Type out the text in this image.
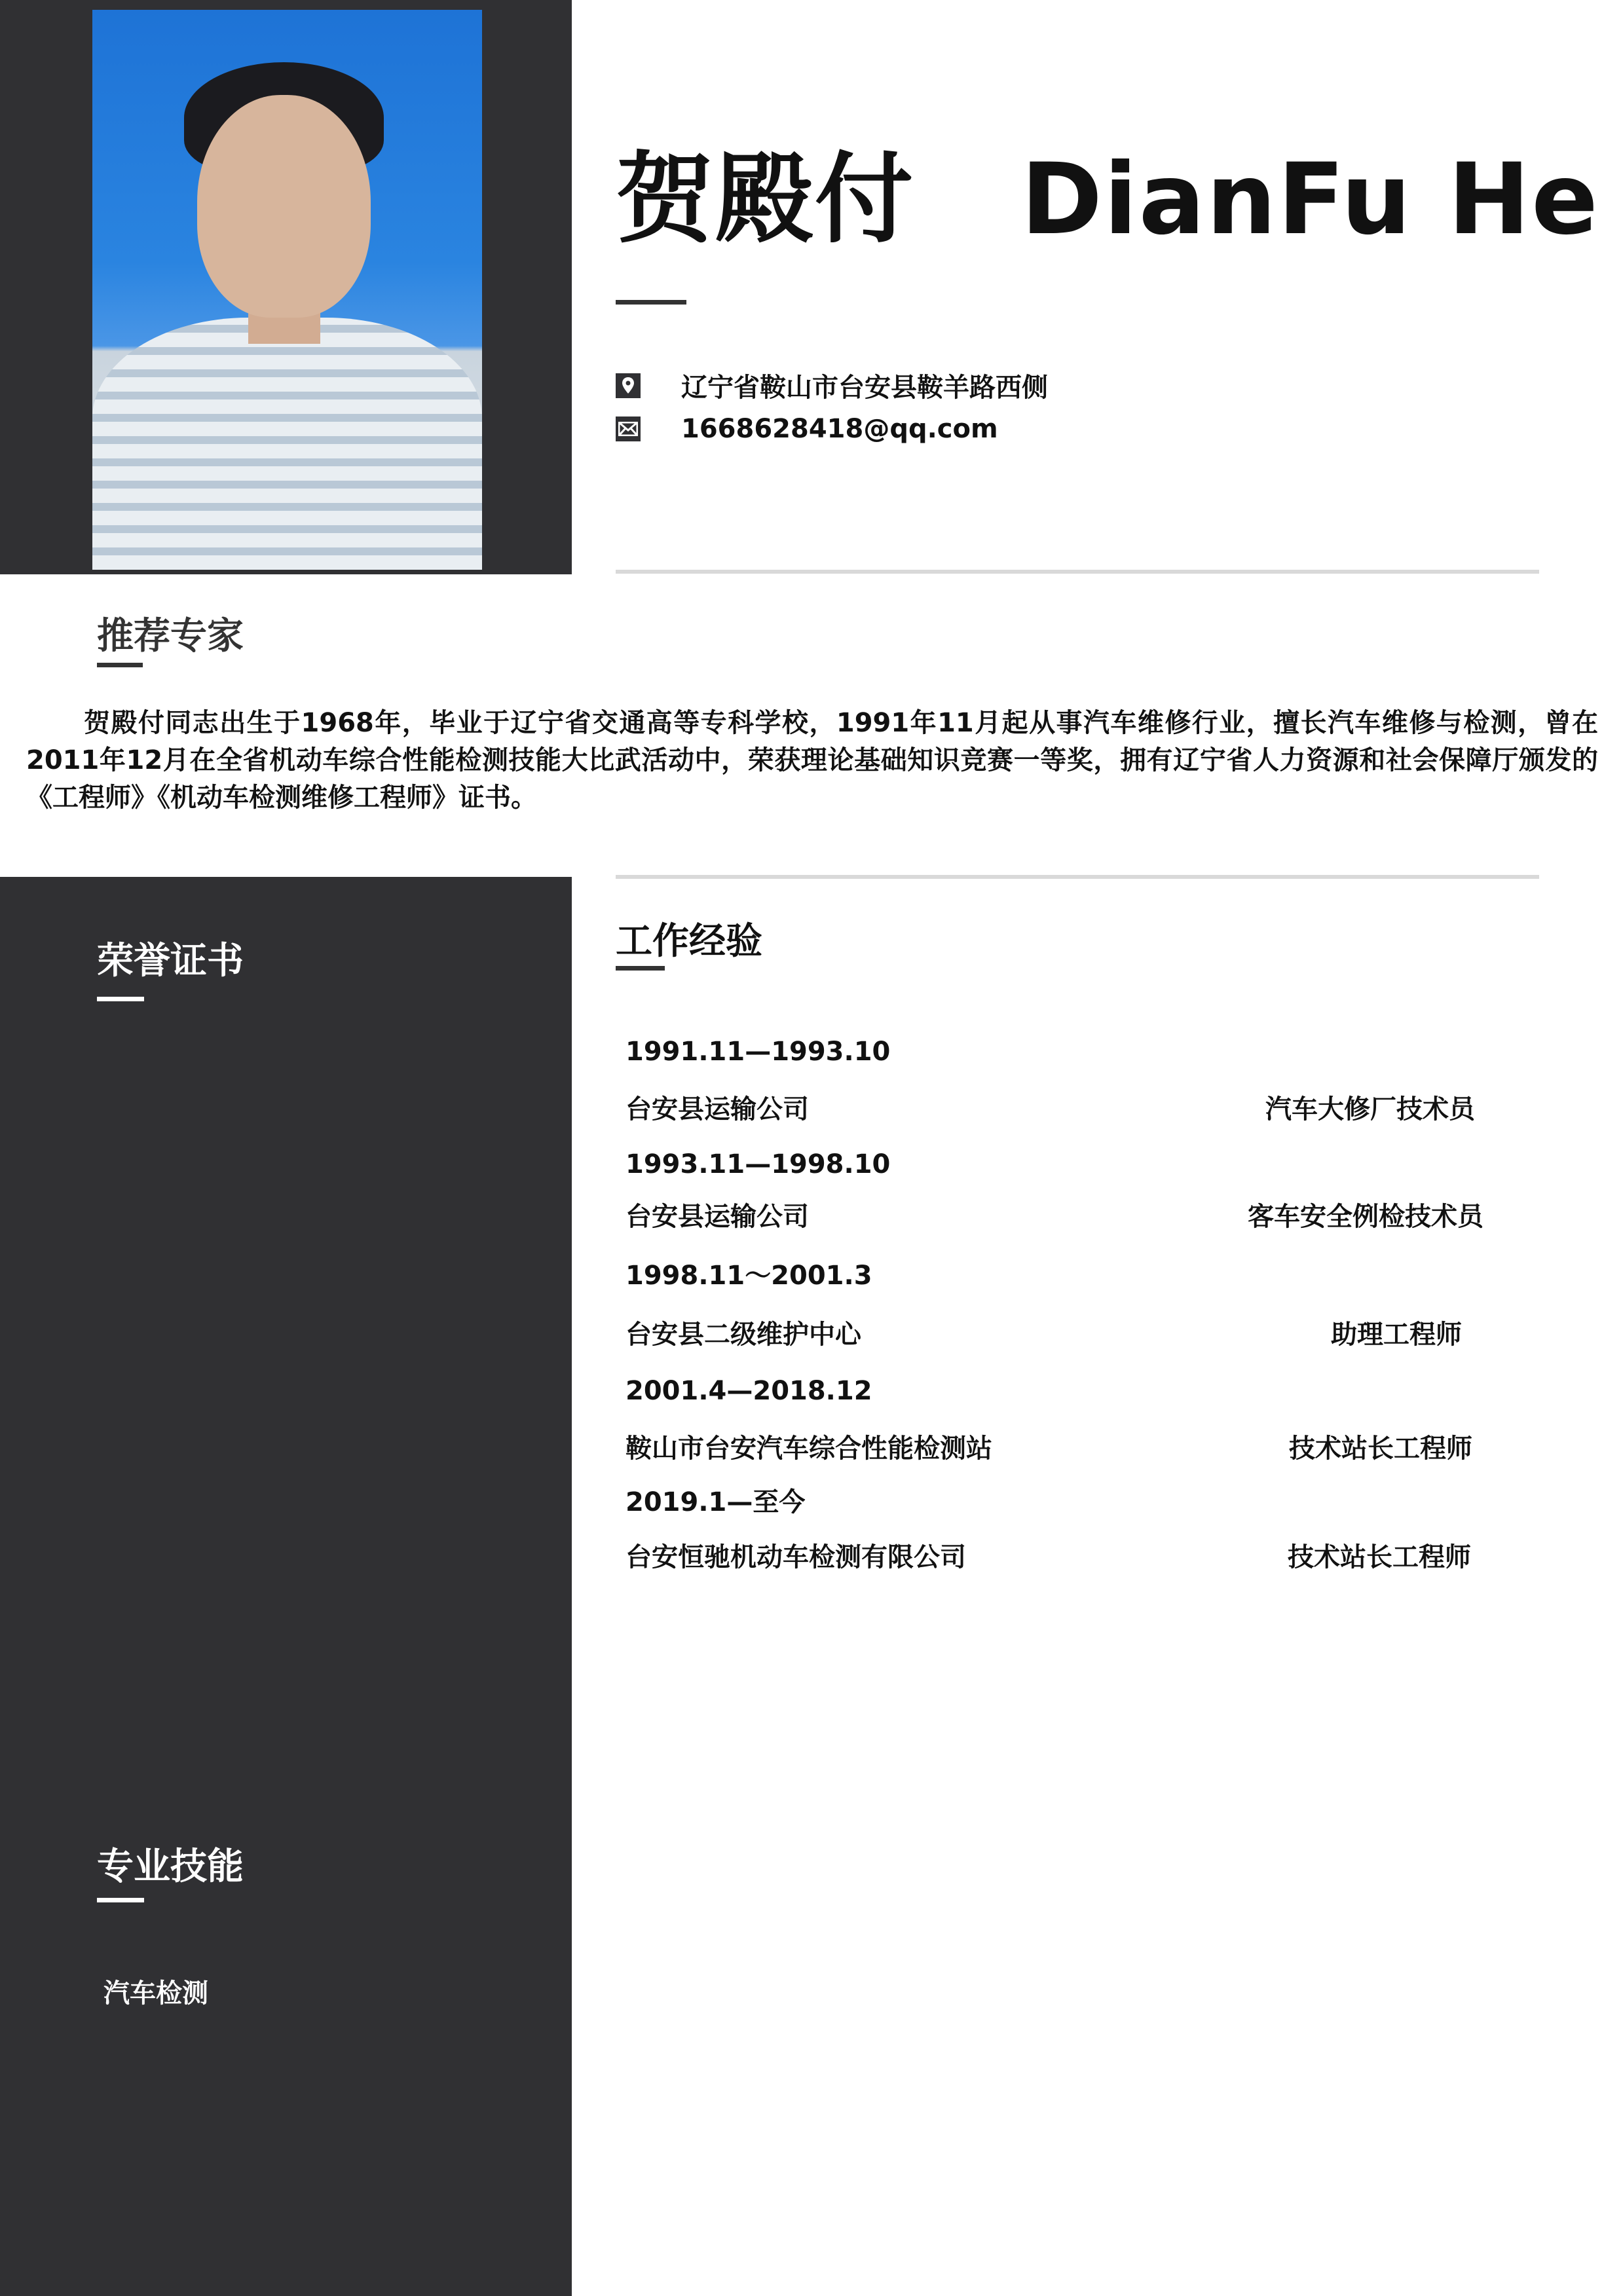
贺殿付   DianFu He
辽宁省鞍山市台安县鞍羊路西侧
1668628418@qq.com
推荐专家
贺殿付同志出生于1968年，毕业于辽宁省交通高等专科学校，1991年11月起从事汽车维修行业，擅长汽车维修与检测，曾在2011年12月在全省机动车综合性能检测技能大比武活动中，荣获理论基础知识竞赛一等奖，拥有辽宁省人力资源和社会保障厅颁发的《工程师》《机动车检测维修工程师》证书。
荣誉证书
专业技能
汽车检测
工作经验
1991.11—1993.10
台安县运输公司	汽车大修厂技术员
1993.11—1998.10
台安县运输公司	客车安全例检技术员
1998.11～2001.3
台安县二级维护中心	助理工程师
2001.4—2018.12
鞍山市台安汽车综合性能检测站	技术站长工程师
2019.1—至今
台安恒驰机动车检测有限公司	技术站长工程师
